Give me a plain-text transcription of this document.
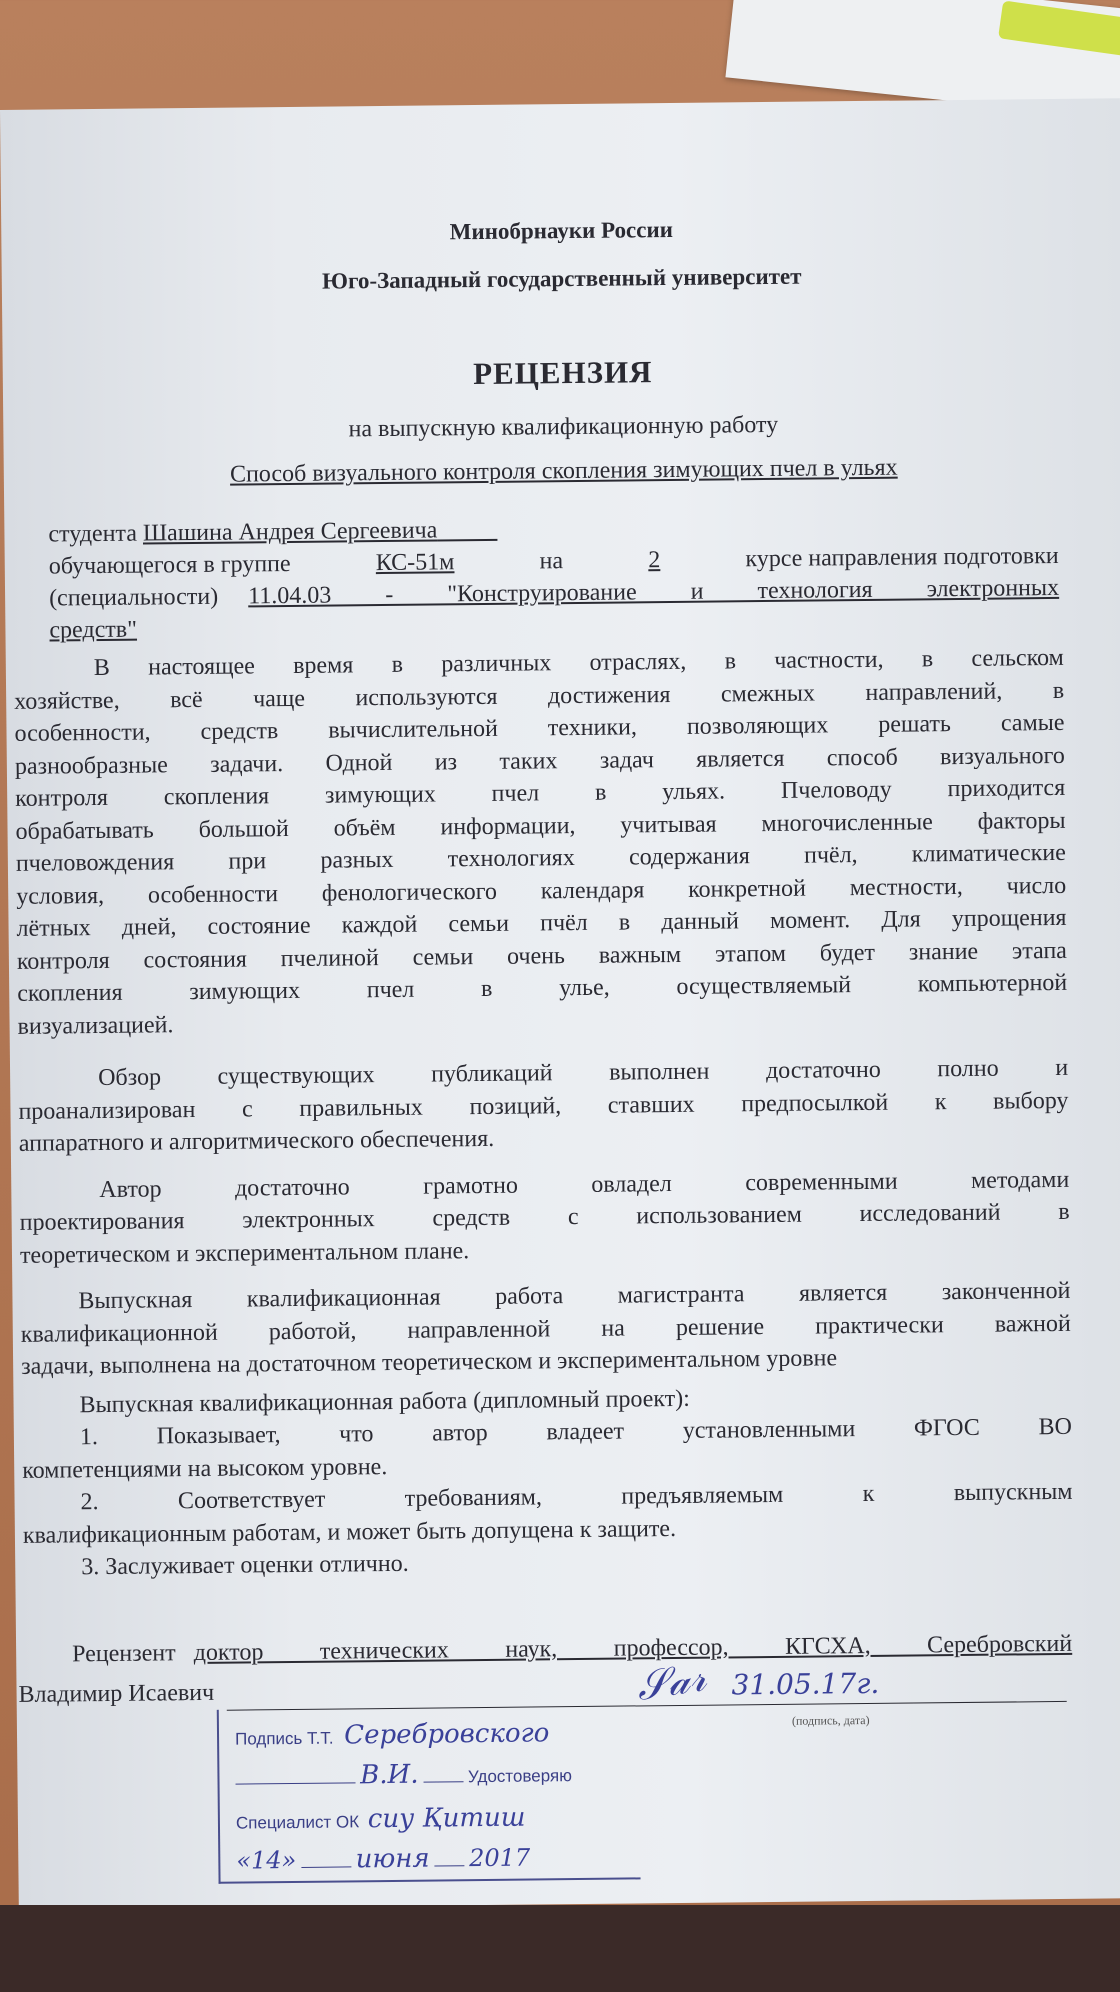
Минобрнауки России
Юго-Западный государственный университет
РЕЦЕНЗИЯ
на выпускную квалификационную работу
Способ визуального контроля скопления зимующих пчел в ульях
студента Шашина Андрея Сергеевича
обучающегося в группе	КС-51м	на	2	курсе направления подготовки
(специальности) 11.04.03 - "Конструирование и технология электронных
средств"
В настоящее время в различных отраслях, в частности, в сельском
хозяйстве, всё чаще используются достижения смежных направлений, в
особенности, средств вычислительной техники, позволяющих решать самые
разнообразные задачи. Одной из таких задач является способ визуального
контроля скопления зимующих пчел в ульях. Пчеловоду приходится
обрабатывать большой объём информации, учитывая многочисленные факторы
пчеловождения при разных технологиях содержания пчёл, климатические
условия, особенности фенологического календаря конкретной местности, число
лётных дней, состояние каждой семьи пчёл в данный момент. Для упрощения
контроля состояния пчелиной семьи очень важным этапом будет знание этапа
скопления зимующих пчел в улье, осуществляемый компьютерной
визуализацией.
Обзор существующих публикаций выполнен достаточно полно и
проанализирован с правильных позиций, ставших предпосылкой к выбору
аппаратного и алгоритмического обеспечения.
Автор достаточно грамотно овладел современными методами
проектирования электронных средств с использованием исследований в
теоретическом и экспериментальном плане.
Выпускная квалификационная работа магистранта является законченной
квалификационной работой, направленной на решение практически важной
задачи, выполнена на достаточном теоретическом и экспериментальном уровне
Выпускная квалификационная работа (дипломный проект):
1. Показывает, что автор владеет установленными ФГОС ВО
компетенциями на высоком уровне.
2. Соответствует требованиям, предъявляемым к выпускным
квалификационным работам, и может быть допущена к защите.
3. Заслуживает оценки отлично.
Рецензент доктор технических наук, профессор, КГСХА, Серебровский
Владимир Исаевич	𝒮𝒶𝓇 31.05.17г.
(подпись, дата)
Подпись Т.Т. Серебровского
В.И.	Удостоверяю
Специалист ОК сиу Қитиш
«14» июня 2017
